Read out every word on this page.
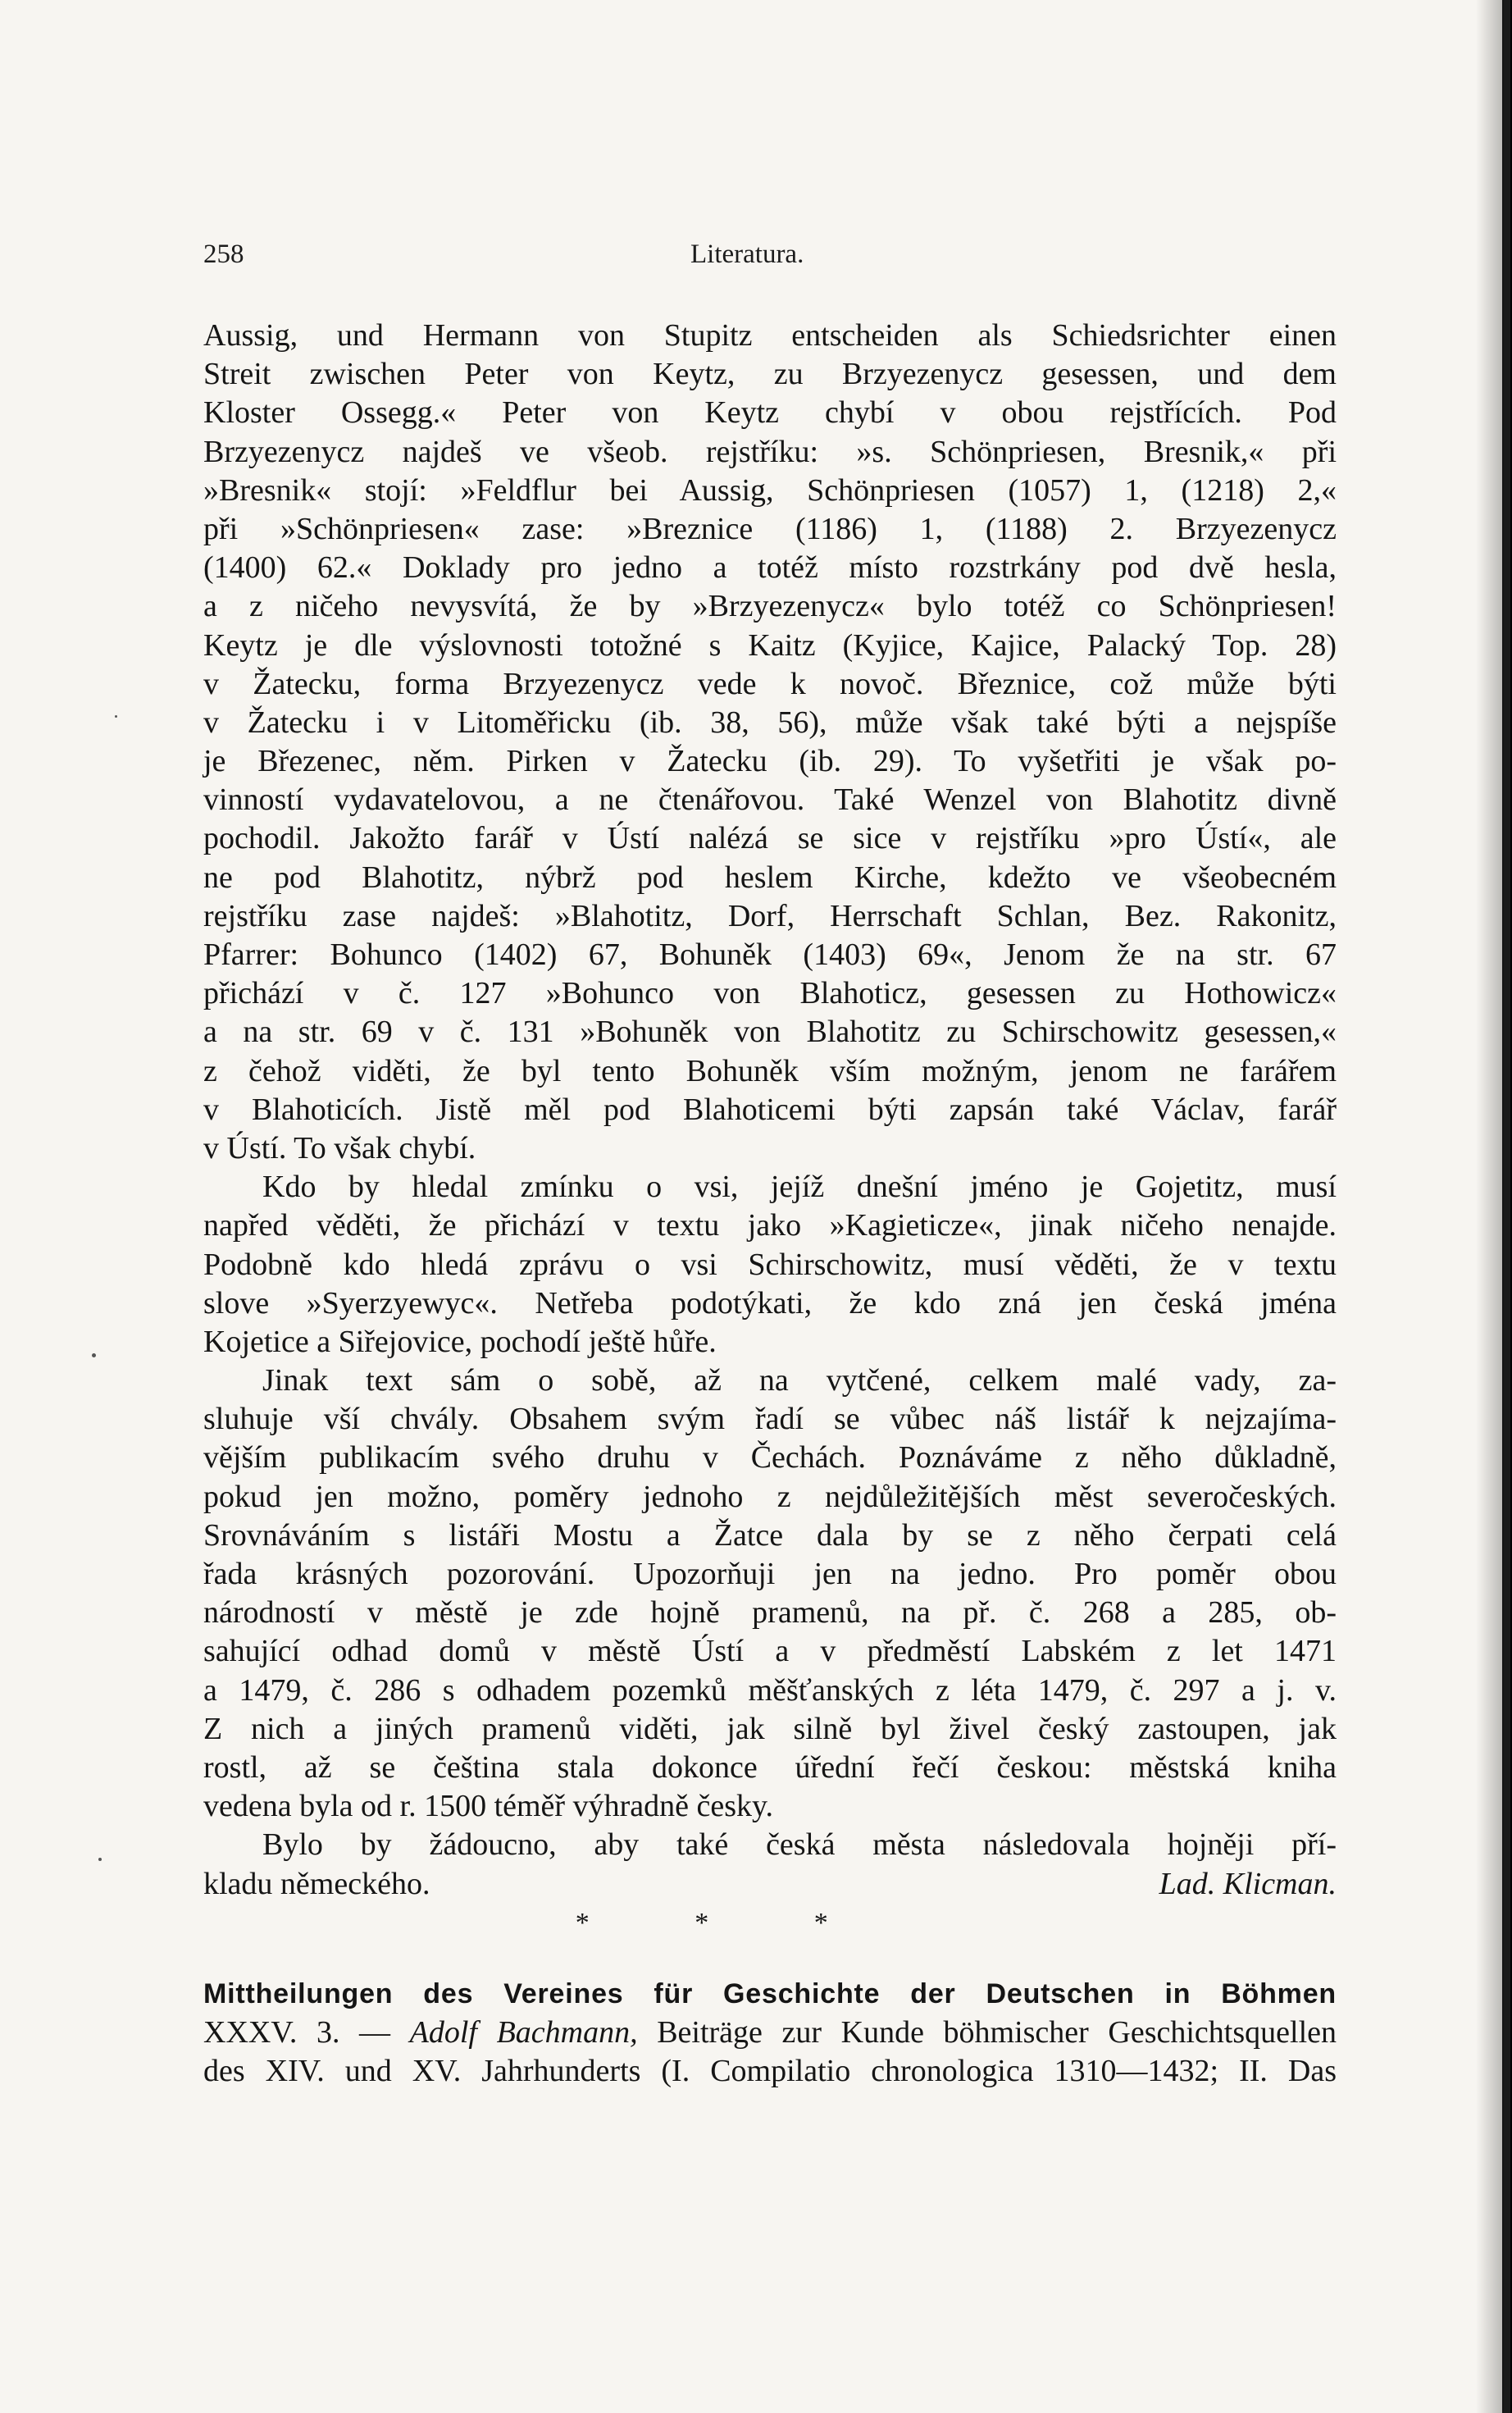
258	Literatura.
Aussig, und Hermann von Stupitz entscheiden als Schiedsrichter einen
Streit zwischen Peter von Keytz, zu Brzyezenycz gesessen, und dem
Kloster Ossegg.« Peter von Keytz chybí v obou rejstřících. Pod
Brzyezenycz najdeš ve všeob. rejstříku: »s. Schönpriesen, Bresnik,« při
»Bresnik« stojí: »Feldflur bei Aussig, Schönpriesen (1057) 1, (1218) 2,«
při »Schönpriesen« zase: »Breznice (1186) 1, (1188) 2. Brzyezenycz
(1400) 62.« Doklady pro jedno a totéž místo rozstrkány pod dvě hesla,
a z ničeho nevysvítá, že by »Brzyezenycz« bylo totéž co Schönpriesen!
Keytz je dle výslovnosti totožné s Kaitz (Kyjice, Kajice, Palacký Top. 28)
v Žatecku, forma Brzyezenycz vede k novoč. Březnice, což může býti
v Žatecku i v Litoměřicku (ib. 38, 56), může však také býti a nejspíše
je Březenec, něm. Pirken v Žatecku (ib. 29). To vyšetřiti je však po-
vinností vydavatelovou, a ne čtenářovou. Také Wenzel von Blahotitz divně
pochodil. Jakožto farář v Ústí nalézá se sice v rejstříku »pro Ústí«, ale
ne pod Blahotitz, nýbrž pod heslem Kirche, kdežto ve všeobecném
rejstříku zase najdeš: »Blahotitz, Dorf, Herrschaft Schlan, Bez. Rakonitz,
Pfarrer: Bohunco (1402) 67, Bohuněk (1403) 69«, Jenom že na str. 67
přichází v č. 127 »Bohunco von Blahoticz, gesessen zu Hothowicz«
a na str. 69 v č. 131 »Bohuněk von Blahotitz zu Schirschowitz gesessen,«
z čehož viděti, že byl tento Bohuněk vším možným, jenom ne farářem
v Blahoticích. Jistě měl pod Blahoticemi býti zapsán také Václav, farář
v Ústí. To však chybí.
Kdo by hledal zmínku o vsi, jejíž dnešní jméno je Gojetitz, musí
napřed věděti, že přichází v textu jako »Kagieticze«, jinak ničeho nenajde.
Podobně kdo hledá zprávu o vsi Schirschowitz, musí věděti, že v textu
slove »Syerzyewyc«. Netřeba podotýkati, že kdo zná jen česká jména
Kojetice a Siřejovice, pochodí ještě hůře.
Jinak text sám o sobě, až na vytčené, celkem malé vady, za-
sluhuje vší chvály. Obsahem svým řadí se vůbec náš listář k nejzajíma-
vějším publikacím svého druhu v Čechách. Poznáváme z něho důkladně,
pokud jen možno, poměry jednoho z nejdůležitějších měst severočeských.
Srovnáváním s listáři Mostu a Žatce dala by se z něho čerpati celá
řada krásných pozorování. Upozorňuji jen na jedno. Pro poměr obou
národností v městě je zde hojně pramenů, na př. č. 268 a 285, ob-
sahující odhad domů v městě Ústí a v předměstí Labském z let 1471
a 1479, č. 286 s odhadem pozemků měšťanských z léta 1479, č. 297 a j. v.
Z nich a jiných pramenů viděti, jak silně byl živel český zastoupen, jak
rostl, až se čeština stala dokonce úřední řečí českou: městská kniha
vedena byla od r. 1500 téměř výhradně česky.
Bylo by žádoucno, aby také česká města následovala hojněji pří-
kladu německého.	Lad. Klicman.
* * *
Mittheilungen des Vereines für Geschichte der Deutschen in Böhmen
XXXV. 3. — Adolf Bachmann, Beiträge zur Kunde böhmischer Geschichtsquellen
des XIV. und XV. Jahrhunderts (I. Compilatio chronologica 1310—1432; II. Das
